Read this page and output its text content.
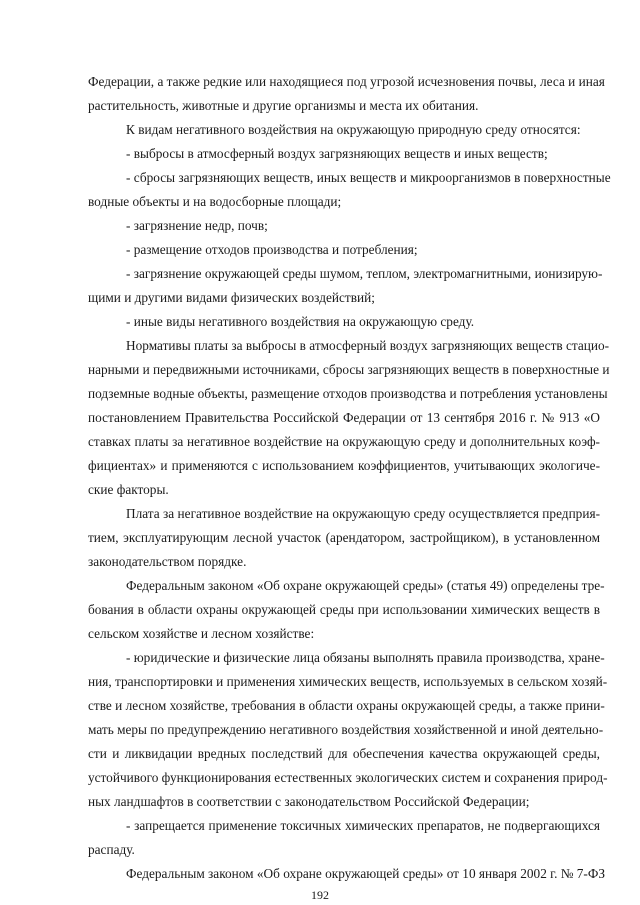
Федерации, а также редкие или находящиеся под угрозой исчезновения почвы, леса и иная
растительность, животные и другие организмы и места их обитания.
К видам негативного воздействия на окружающую природную среду относятся:
- выбросы в атмосферный воздух загрязняющих веществ и иных веществ;
- сбросы загрязняющих веществ, иных веществ и микроорганизмов в поверхностные
водные объекты и на водосборные площади;
- загрязнение недр, почв;
- размещение отходов производства и потребления;
- загрязнение окружающей среды шумом, теплом, электромагнитными, ионизирую-
щими и другими видами физических воздействий;
- иные виды негативного воздействия на окружающую среду.
Нормативы платы за выбросы в атмосферный воздух загрязняющих веществ стацио-
нарными и передвижными источниками, сбросы загрязняющих веществ в поверхностные и
подземные водные объекты, размещение отходов производства и потребления установлены
постановлением Правительства Российской Федерации от 13 сентября 2016 г. № 913 «О
ставках платы за негативное воздействие на окружающую среду и дополнительных коэф-
фициентах» и применяются с использованием коэффициентов, учитывающих экологиче-
ские факторы.
Плата за негативное воздействие на окружающую среду осуществляется предприя-
тием, эксплуатирующим лесной участок (арендатором, застройщиком), в установленном
законодательством порядке.
Федеральным законом «Об охране окружающей среды» (статья 49) определены тре-
бования в области охраны окружающей среды при использовании химических веществ в
сельском хозяйстве и лесном хозяйстве:
- юридические и физические лица обязаны выполнять правила производства, хране-
ния, транспортировки и применения химических веществ, используемых в сельском хозяй-
стве и лесном хозяйстве, требования в области охраны окружающей среды, а также прини-
мать меры по предупреждению негативного воздействия хозяйственной и иной деятельно-
сти и ликвидации вредных последствий для обеспечения качества окружающей среды,
устойчивого функционирования естественных экологических систем и сохранения природ-
ных ландшафтов в соответствии с законодательством Российской Федерации;
- запрещается применение токсичных химических препаратов, не подвергающихся
распаду.
Федеральным законом «Об охране окружающей среды» от 10 января 2002 г. № 7-ФЗ
192
